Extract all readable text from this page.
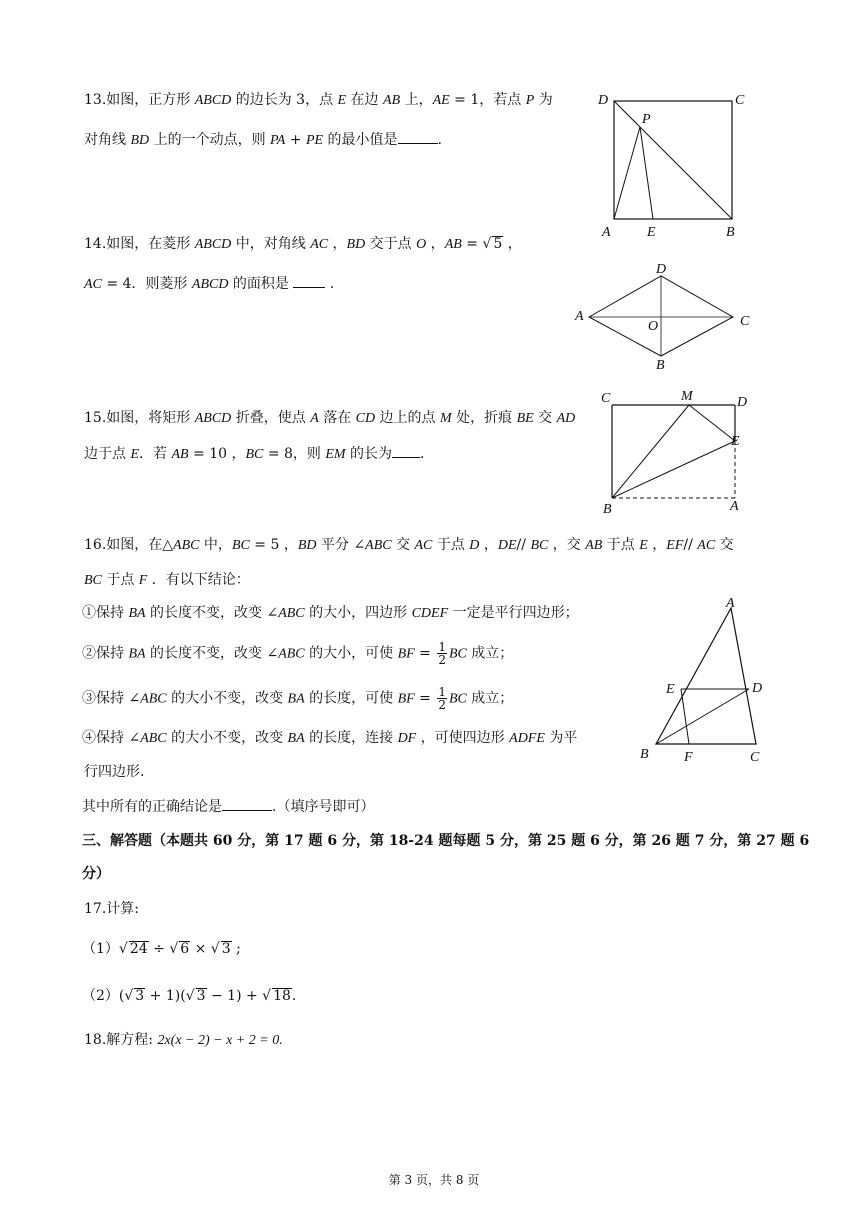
13.如图，正方形 ABCD 的边长为 3，点 E 在边 AB 上，AE = 1，若点 P 为
对角线 BD 上的一个动点，则 PA + PE 的最小值是	.
D	C
P
A	E	B
14.如图，在菱形 ABCD 中，对角线 AC ，BD 交于点 O ，AB = √ 5 ，
AC = 4．则菱形 ABCD 的面积是  .
D
A	C
O
B
15.如图，将矩形 ABCD 折叠，使点 A 落在 CD 边上的点 M 处，折痕 BE 交 AD
边于点 E．若 AB = 10 ，BC = 8，则 EM 的长为 .
C	M	D
E
B	A
16.如图，在△ABC 中，BC = 5 ，BD 平分 ∠ABC 交 AC 于点 D ，DE// BC ，交 AB 于点 E ，EF// AC 交
BC 于点 F ．有以下结论：
①保持 BA 的长度不变，改变 ∠ABC 的大小，四边形 CDEF 一定是平行四边形；
②保持 BA 的长度不变，改变 ∠ABC 的大小，可使 BF = $\frac{1}{2}$ BC 成立；
③保持 ∠ABC 的大小不变，改变 BA 的长度，可使 BF = $\frac{1}{2}$ BC 成立；
④保持 ∠ABC 的大小不变，改变 BA 的长度，连接 DF ，可使四边形 ADFE 为平
行四边形.
其中所有的正确结论是	.（填序号即可）
A
E	D
B	F	C
三、解答题（本题共 60 分，第 17 题 6 分，第 18-24 题每题 5 分，第 25 题 6 分，第 26 题 7 分，第 27 题 6
分）
17.计算:
（1）√ 24 ÷ √ 6 × √ 3 ;
（2）(√ 3 + 1)(√ 3 − 1) + √ 18.
18.解方程: 2x(x − 2) − x + 2 = 0.
第 3 页，共 8 页
